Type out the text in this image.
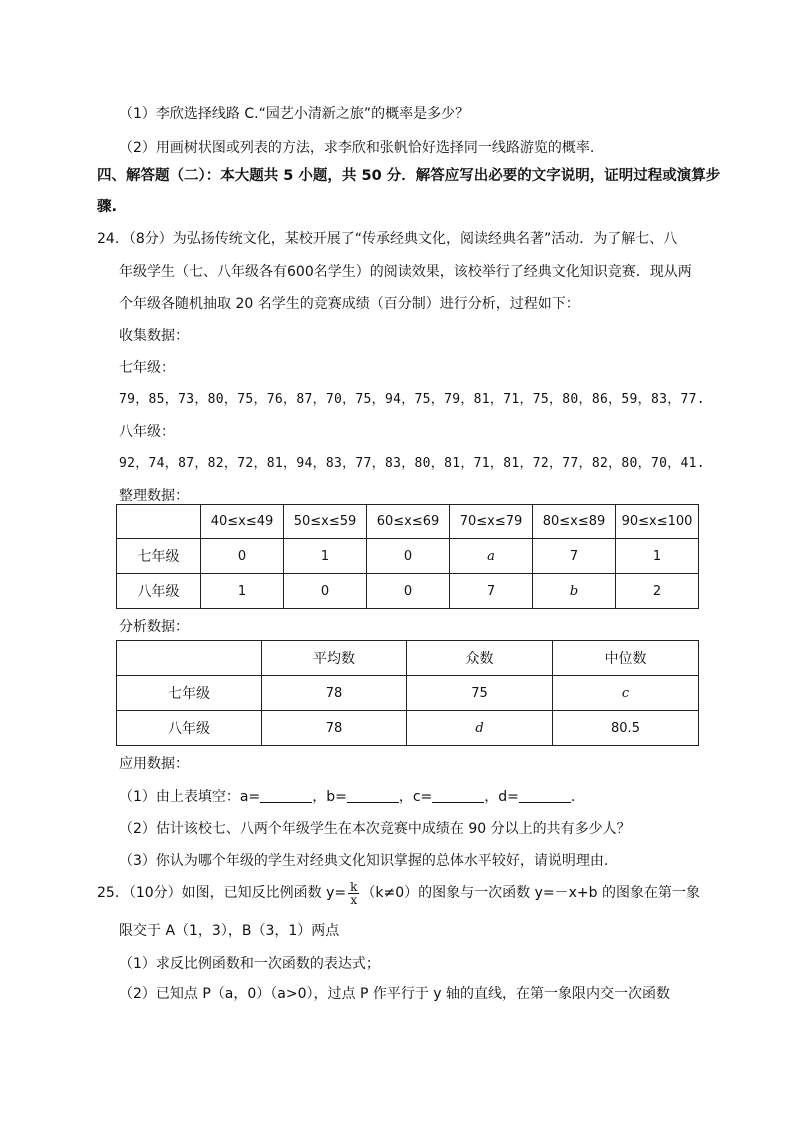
（1）李欣选择线路 C.“园艺小清新之旅”的概率是多少？
（2）用画树状图或列表的方法，求李欣和张帆恰好选择同一线路游览的概率.
四、解答题（二）：本大题共 5 小题，共 50 分．解答应写出必要的文字说明，证明过程或演算步
骤.
24．（8分）为弘扬传统文化，某校开展了“传承经典文化，阅读经典名著”活动．为了解七、八
年级学生（七、八年级各有600名学生）的阅读效果，该校举行了经典文化知识竞赛．现从两
个年级各随机抽取 20 名学生的竞赛成绩（百分制）进行分析，过程如下：
收集数据：
七年级：
79，85，73，80，75，76，87，70，75，94，75，79，81，71，75，80，86，59，83，77.
八年级：
92，74，87，82，72，81，94，83，77，83，80，81，71，81，72，77，82，80，70，41.
整理数据：
	40≤x≤49	50≤x≤59	60≤x≤69	70≤x≤79	80≤x≤89	90≤x≤100
七年级	0	1	0	a	7	1
八年级	1	0	0	7	b	2
分析数据：
	平均数	众数	中位数
七年级	78	75	c
八年级	78	d	80.5
应用数据：
（1）由上表填空：a=	，b=	，c=	，d=	.
（2）估计该校七、八两个年级学生在本次竞赛中成绩在 90 分以上的共有多少人？
（3）你认为哪个年级的学生对经典文化知识掌握的总体水平较好，请说明理由.
25．（10分）如图，已知反比例函数 $y= \frac{k}{x} (k\ne 0)$的图象与一次函数 y=－x+b 的图象在第一象
限交于 A（1，3），B（3，1）两点
（1）求反比例函数和一次函数的表达式；
（2）已知点 P（a，0）（a>0），过点 P 作平行于 y 轴的直线，在第一象限内交一次函数
